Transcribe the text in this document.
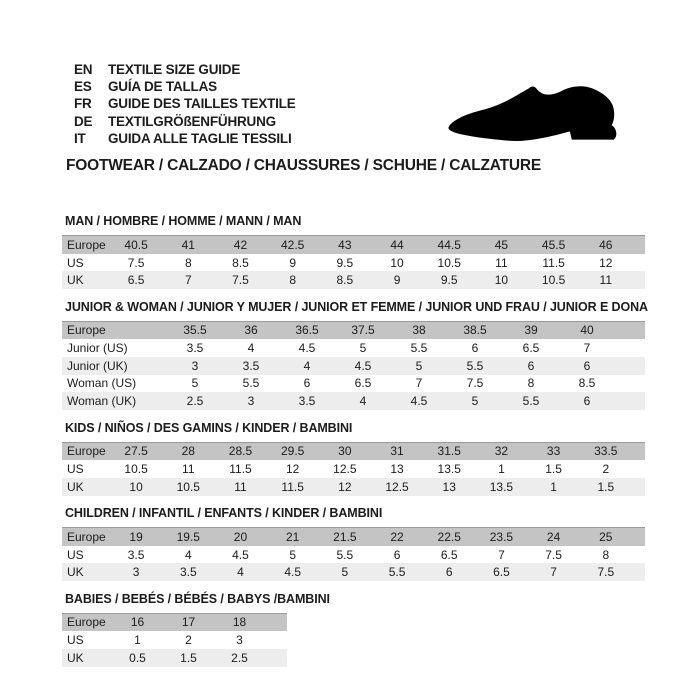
EN	TEXTILE SIZE GUIDE
ES	GUÍA DE TALLAS
FR	GUIDE DES TAILLES TEXTILE
DE	TEXTILGRÖßENFÜHRUNG
IT	GUIDA ALLE TAGLIE TESSILI
FOOTWEAR / CALZADO / CHAUSSURES / SCHUHE / CALZATURE
MAN / HOMBRE / HOMME / MANN / MAN
Europe	40.5	41	42	42.5	43	44	44.5	45	45.5	46	
US	7.5	8	8.5	9	9.5	10	10.5	11	11.5	12	
UK	6.5	7	7.5	8	8.5	9	9.5	10	10.5	11	
JUNIOR & WOMAN / JUNIOR Y MUJER / JUNIOR ET FEMME / JUNIOR UND FRAU / JUNIOR E DONA
Europe	35.5	36	36.5	37.5	38	38.5	39	40	
Junior (US)	3.5	4	4.5	5	5.5	6	6.5	7	
Junior (UK)	3	3.5	4	4.5	5	5.5	6	6	
Woman (US)	5	5.5	6	6.5	7	7.5	8	8.5	
Woman (UK)	2.5	3	3.5	4	4.5	5	5.5	6	
KIDS / NIÑOS / DES GAMINS / KINDER / BAMBINI
Europe	27.5	28	28.5	29.5	30	31	31.5	32	33	33.5	
US	10.5	11	11.5	12	12.5	13	13.5	1	1.5	2	
UK	10	10.5	11	11.5	12	12.5	13	13.5	1	1.5	
CHILDREN / INFANTIL / ENFANTS / KINDER / BAMBINI
Europe	19	19.5	20	21	21.5	22	22.5	23.5	24	25	
US	3.5	4	4.5	5	5.5	6	6.5	7	7.5	8	
UK	3	3.5	4	4.5	5	5.5	6	6.5	7	7.5	
BABIES / BEBÉS / BÉBÉS / BABYS /BAMBINI
Europe	16	17	18	
US	1	2	3	
UK	0.5	1.5	2.5	
